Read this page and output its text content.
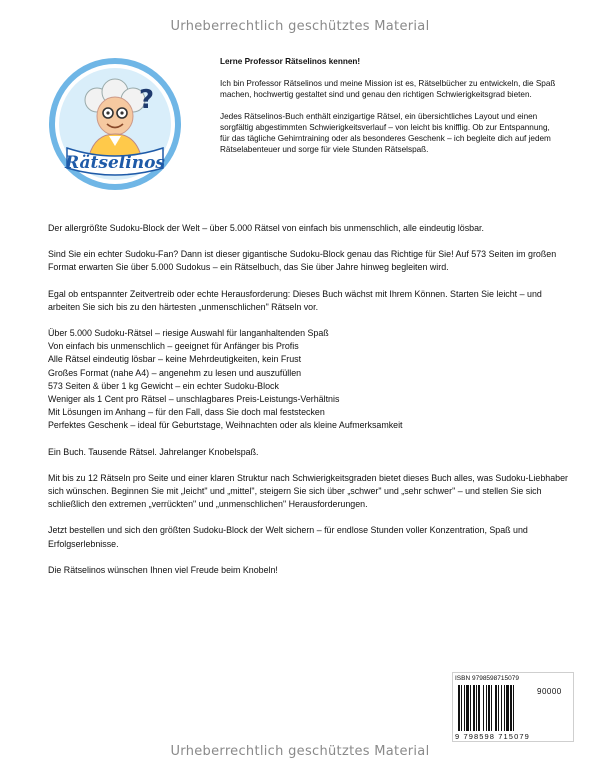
Urheberrechtlich geschütztes Material
?
Rätselinos

Lerne Professor Rätselinos kennen!

Ich bin Professor Rätselinos und meine Mission ist es, Rätselbücher zu entwickeln, die Spaß machen, hochwertig gestaltet sind und genau den richtigen Schwierigkeitsgrad bieten.

Jedes Rätselinos-Buch enthält einzigartige Rätsel, ein übersichtliches Layout und einen sorgfältig abgestimmten Schwierigkeitsverlauf – von leicht bis knifflig. Ob zur Entspannung, für das tägliche Gehirntraining oder als besonderes Geschenk – ich begleite dich auf jedem Rätselabenteuer und sorge für viele Stunden Rätselspaß.

Der allergrößte Sudoku-Block der Welt – über 5.000 Rätsel von einfach bis unmenschlich, alle eindeutig lösbar.

Sind Sie ein echter Sudoku-Fan? Dann ist dieser gigantische Sudoku-Block genau das Richtige für Sie! Auf 573 Seiten im großen Format erwarten Sie über 5.000 Sudokus – ein Rätselbuch, das Sie über Jahre hinweg begleiten wird.

Egal ob entspannter Zeitvertreib oder echte Herausforderung: Dieses Buch wächst mit Ihrem Können. Starten Sie leicht – und arbeiten Sie sich bis zu den härtesten „unmenschlichen" Rätseln vor.

Über 5.000 Sudoku-Rätsel – riesige Auswahl für langanhaltenden Spaß
Von einfach bis unmenschlich – geeignet für Anfänger bis Profis
Alle Rätsel eindeutig lösbar – keine Mehrdeutigkeiten, kein Frust
Großes Format (nahe A4) – angenehm zu lesen und auszufüllen
573 Seiten & über 1 kg Gewicht – ein echter Sudoku-Block
Weniger als 1 Cent pro Rätsel – unschlagbares Preis-Leistungs-Verhältnis
Mit Lösungen im Anhang – für den Fall, dass Sie doch mal feststecken
Perfektes Geschenk – ideal für Geburtstage, Weihnachten oder als kleine Aufmerksamkeit

Ein Buch. Tausende Rätsel. Jahrelanger Knobelspaß.

Mit bis zu 12 Rätseln pro Seite und einer klaren Struktur nach Schwierigkeitsgraden bietet dieses Buch alles, was Sudoku-Liebhaber sich wünschen. Beginnen Sie mit „leicht" und „mittel", steigern Sie sich über „schwer" und „sehr schwer" – und stellen Sie sich schließlich den extremen „verrückten" und „unmenschlichen" Herausforderungen.

Jetzt bestellen und sich den größten Sudoku-Block der Welt sichern – für endlose Stunden voller Konzentration, Spaß und Erfolgserlebnisse.

Die Rätselinos wünschen Ihnen viel Freude beim Knobeln!

ISBN 9798598715079
90000
9 798598 715079
Urheberrechtlich geschütztes Material
